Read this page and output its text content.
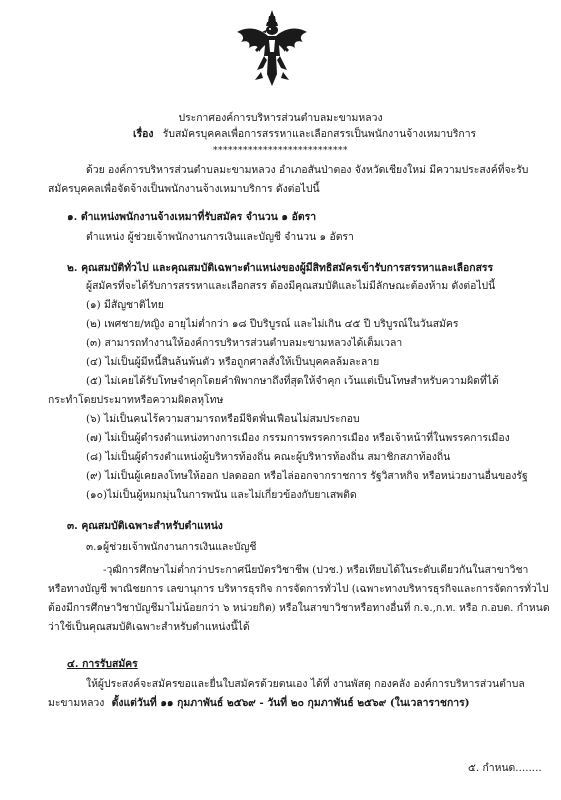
ประกาศองค์การบริหารส่วนตำบลมะขามหลวง
เรื่อง รับสมัครบุคคลเพื่อการสรรหาและเลือกสรรเป็นพนักงานจ้างเหมาบริการ
***************************
ด้วย องค์การบริหารส่วนตำบลมะขามหลวง อำเภอสันป่าตอง จังหวัดเชียงใหม่ มีความประสงค์ที่จะรับ
สมัครบุคคลเพื่อจัดจ้างเป็นพนักงานจ้างเหมาบริการ ดังต่อไปนี้
๑. ตำแหน่งพนักงานจ้างเหมาที่รับสมัคร จำนวน ๑ อัตรา
ตำแหน่ง ผู้ช่วยเจ้าพนักงานการเงินและบัญชี จำนวน ๑ อัตรา
๒. คุณสมบัติทั่วไป และคุณสมบัติเฉพาะตำแหน่งของผู้มีสิทธิสมัครเข้ารับการสรรหาและเลือกสรร
ผู้สมัครที่จะได้รับการสรรหาและเลือกสรร ต้องมีคุณสมบัติและไม่มีลักษณะต้องห้าม ดังต่อไปนี้
(๑) มีสัญชาติไทย
(๒) เพศชาย/หญิง อายุไม่ต่ำกว่า ๑๘ ปีบริบูรณ์ และไม่เกิน ๔๕ ปี บริบูรณ์ในวันสมัคร
(๓) สามารถทำงานให้องค์การบริหารส่วนตำบลมะขามหลวงได้เต็มเวลา
(๔) ไม่เป็นผู้มีหนี้สินล้นพ้นตัว หรือถูกศาลสั่งให้เป็นบุคคลล้มละลาย
(๕) ไม่เคยได้รับโทษจำคุกโดยคำพิพากษาถึงที่สุดให้จำคุก เว้นแต่เป็นโทษสำหรับความผิดที่ได้
กระทำโดยประมาทหรือความผิดลหุโทษ
(๖) ไม่เป็นคนไร้ความสามารถหรือมีจิตฟั่นเฟือนไม่สมประกอบ
(๗) ไม่เป็นผู้ดำรงตำแหน่งทางการเมือง กรรมการพรรคการเมือง หรือเจ้าหน้าที่ในพรรคการเมือง
(๘) ไม่เป็นผู้ดำรงตำแหน่งผู้บริหารท้องถิ่น คณะผู้บริหารท้องถิ่น สมาชิกสภาท้องถิ่น
(๙) ไม่เป็นผู้เคยลงโทษให้ออก ปลดออก หรือไล่ออกจากราชการ รัฐวิสาหกิจ หรือหน่วยงานอื่นของรัฐ
(๑๐)ไม่เป็นผู้หมกมุ่นในการพนัน และไม่เกี่ยวข้องกับยาเสพติด
๓. คุณสมบัติเฉพาะสำหรับตำแหน่ง
๓.๑ผู้ช่วยเจ้าพนักงานการเงินและบัญชี
-วุฒิการศึกษาไม่ต่ำกว่าประกาศนียบัตรวิชาชีพ (ปวช.) หรือเทียบได้ในระดับเดียวกันในสาขาวิชา
หรือทางบัญชี พาณิชยการ เลขานุการ บริหารธุรกิจ การจัดการทั่วไป (เฉพาะทางบริหารธุรกิจและการจัดการทั่วไป
ต้องมีการศึกษาวิชาบัญชีมาไม่น้อยกว่า ๖ หน่วยกิต) หรือในสาขาวิชาหรือทางอื่นที่ ก.จ.,ก.ท. หรือ ก.อบต. กำหนด
ว่าใช้เป็นคุณสมบัติเฉพาะสำหรับตำแหน่งนี้ได้
๔. การรับสมัคร
ให้ผู้ประสงค์จะสมัครขอและยื่นใบสมัครด้วยตนเอง ได้ที่ งานพัสดุ กองคลัง องค์การบริหารส่วนตำบล
มะขามหลวง ตั้งแต่วันที่ ๑๑ กุมภาพันธ์ ๒๕๖๙ - วันที่ ๒๐ กุมภาพันธ์ ๒๕๖๙ (ในเวลาราชการ)
๕. กำหนด........
